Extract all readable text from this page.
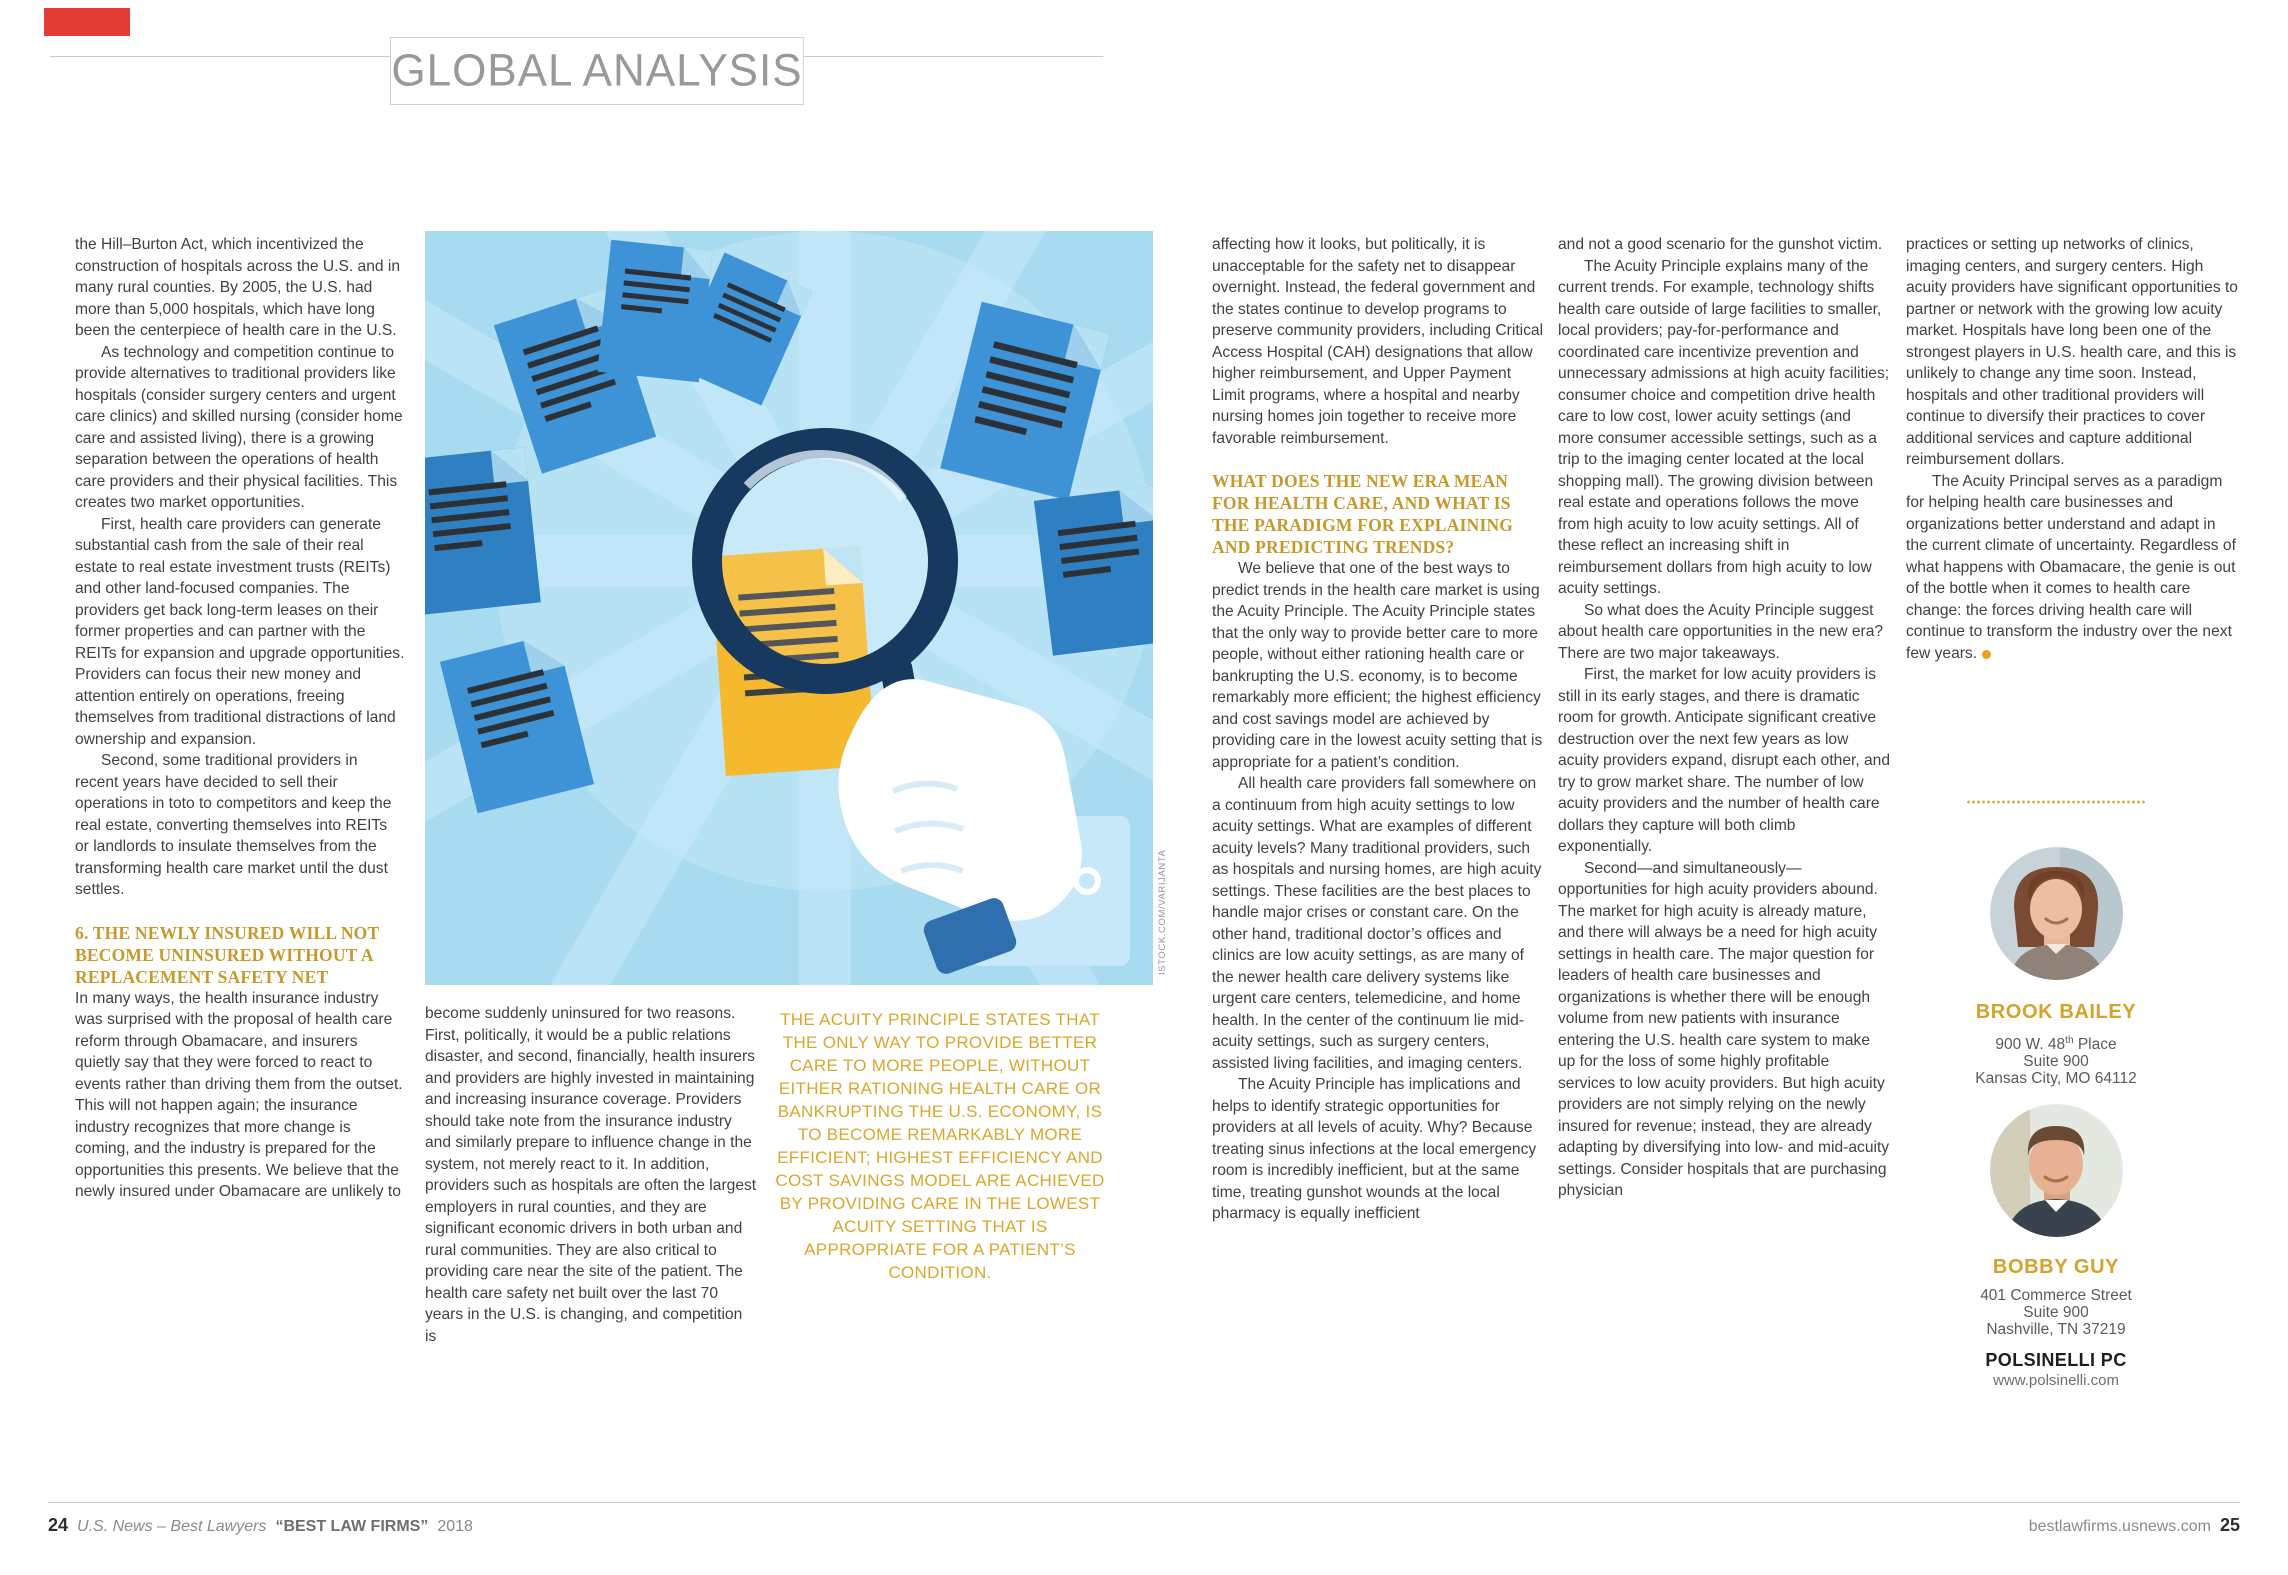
GLOBAL ANALYSIS

the Hill–Burton Act, which incentivized the construction of hospitals across the U.S. and in many rural counties. By 2005, the U.S. had more than 5,000 hospitals, which have long been the centerpiece of health care in the U.S.

As technology and competition continue to provide alternatives to traditional providers like hospitals (consider surgery centers and urgent care clinics) and skilled nursing (consider home care and assisted living), there is a growing separation between the operations of health care providers and their physical facilities. This creates two market opportunities.

First, health care providers can generate substantial cash from the sale of their real estate to real estate investment trusts (REITs) and other land-focused companies. The providers get back long-term leases on their former properties and can partner with the REITs for expansion and upgrade opportunities. Providers can focus their new money and attention entirely on operations, freeing themselves from traditional distractions of land ownership and expansion.

Second, some traditional providers in recent years have decided to sell their operations in toto to competitors and keep the real estate, converting themselves into REITs or landlords to insulate themselves from the transforming health care market until the dust settles.

6. THE NEWLY INSURED WILL NOT BECOME UNINSURED WITHOUT A REPLACEMENT SAFETY NET

In many ways, the health insurance industry was surprised with the proposal of health care reform through Obamacare, and insurers quietly say that they were forced to react to events rather than driving them from the outset. This will not happen again; the insurance industry recognizes that more change is coming, and the industry is prepared for the opportunities this presents. We believe that the newly insured under Obamacare are unlikely to

ISTOCK.COM/VARIJANTA

become suddenly uninsured for two reasons. First, politically, it would be a public relations disaster, and second, financially, health insurers and providers are highly invested in maintaining and increasing insurance coverage. Providers should take note from the insurance industry and similarly prepare to influence change in the system, not merely react to it. In addition, providers such as hospitals are often the largest employers in rural counties, and they are significant economic drivers in both urban and rural communities. They are also critical to providing care near the site of the patient. The health care safety net built over the last 70 years in the U.S. is changing, and competition is

THE ACUITY PRINCIPLE STATES THAT THE ONLY WAY TO PROVIDE BETTER CARE TO MORE PEOPLE, WITHOUT EITHER RATIONING HEALTH CARE OR BANKRUPTING THE U.S. ECONOMY, IS TO BECOME REMARKABLY MORE EFFICIENT; HIGHEST EFFICIENCY AND COST SAVINGS MODEL ARE ACHIEVED BY PROVIDING CARE IN THE LOWEST ACUITY SETTING THAT IS APPROPRIATE FOR A PATIENT’S CONDITION.

affecting how it looks, but politically, it is unacceptable for the safety net to disappear overnight. Instead, the federal government and the states continue to develop programs to preserve community providers, including Critical Access Hospital (CAH) designations that allow higher reimbursement, and Upper Payment Limit programs, where a hospital and nearby nursing homes join together to receive more favorable reimbursement.

WHAT DOES THE NEW ERA MEAN FOR HEALTH CARE, AND WHAT IS THE PARADIGM FOR EXPLAINING AND PREDICTING TRENDS?

We believe that one of the best ways to predict trends in the health care market is using the Acuity Principle. The Acuity Principle states that the only way to provide better care to more people, without either rationing health care or bankrupting the U.S. economy, is to become remarkably more efficient; the highest efficiency and cost savings model are achieved by providing care in the lowest acuity setting that is appropriate for a patient’s condition.

All health care providers fall somewhere on a continuum from high acuity settings to low acuity settings. What are examples of different acuity levels? Many traditional providers, such as hospitals and nursing homes, are high acuity settings. These facilities are the best places to handle major crises or constant care. On the other hand, traditional doctor’s offices and clinics are low acuity settings, as are many of the newer health care delivery systems like urgent care centers, telemedicine, and home health. In the center of the continuum lie mid-acuity settings, such as surgery centers, assisted living facilities, and imaging centers.

The Acuity Principle has implications and helps to identify strategic opportunities for providers at all levels of acuity. Why? Because treating sinus infections at the local emergency room is incredibly inefficient, but at the same time, treating gunshot wounds at the local pharmacy is equally inefficient

and not a good scenario for the gunshot victim.

The Acuity Principle explains many of the current trends. For example, technology shifts health care outside of large facilities to smaller, local providers; pay-for-performance and coordinated care incentivize prevention and unnecessary admissions at high acuity facilities; consumer choice and competition drive health care to low cost, lower acuity settings (and more consumer accessible settings, such as a trip to the imaging center located at the local shopping mall). The growing division between real estate and operations follows the move from high acuity to low acuity settings. All of these reflect an increasing shift in reimbursement dollars from high acuity to low acuity settings.

So what does the Acuity Principle suggest about health care opportunities in the new era? There are two major takeaways.

First, the market for low acuity providers is still in its early stages, and there is dramatic room for growth. Anticipate significant creative destruction over the next few years as low acuity providers expand, disrupt each other, and try to grow market share. The number of low acuity providers and the number of health care dollars they capture will both climb exponentially.

Second—and simultaneously—opportunities for high acuity providers abound. The market for high acuity is already mature, and there will always be a need for high acuity settings in health care. The major question for leaders of health care businesses and organizations is whether there will be enough volume from new patients with insurance entering the U.S. health care system to make up for the loss of some highly profitable services to low acuity providers. But high acuity providers are not simply relying on the newly insured for revenue; instead, they are already adapting by diversifying into low- and mid-acuity settings. Consider hospitals that are purchasing physician

practices or setting up networks of clinics, imaging centers, and surgery centers. High acuity providers have significant opportunities to partner or network with the growing low acuity market. Hospitals have long been one of the strongest players in U.S. health care, and this is unlikely to change any time soon. Instead, hospitals and other traditional providers will continue to diversify their practices to cover additional services and capture additional reimbursement dollars.

The Acuity Principal serves as a paradigm for helping health care businesses and organizations better understand and adapt in the current climate of uncertainty. Regardless of what happens with Obamacare, the genie is out of the bottle when it comes to health care change: the forces driving health care will continue to transform the industry over the next few years.

BROOK BAILEY
900 W. 48th Place
Suite 900
Kansas City, MO 64112
BOBBY GUY
401 Commerce Street
Suite 900
Nashville, TN 37219
POLSINELLI PC
www.polsinelli.com
24 U.S. News – Best Lawyers “BEST LAW FIRMS” 2018	bestlawfirms.usnews.com 25
